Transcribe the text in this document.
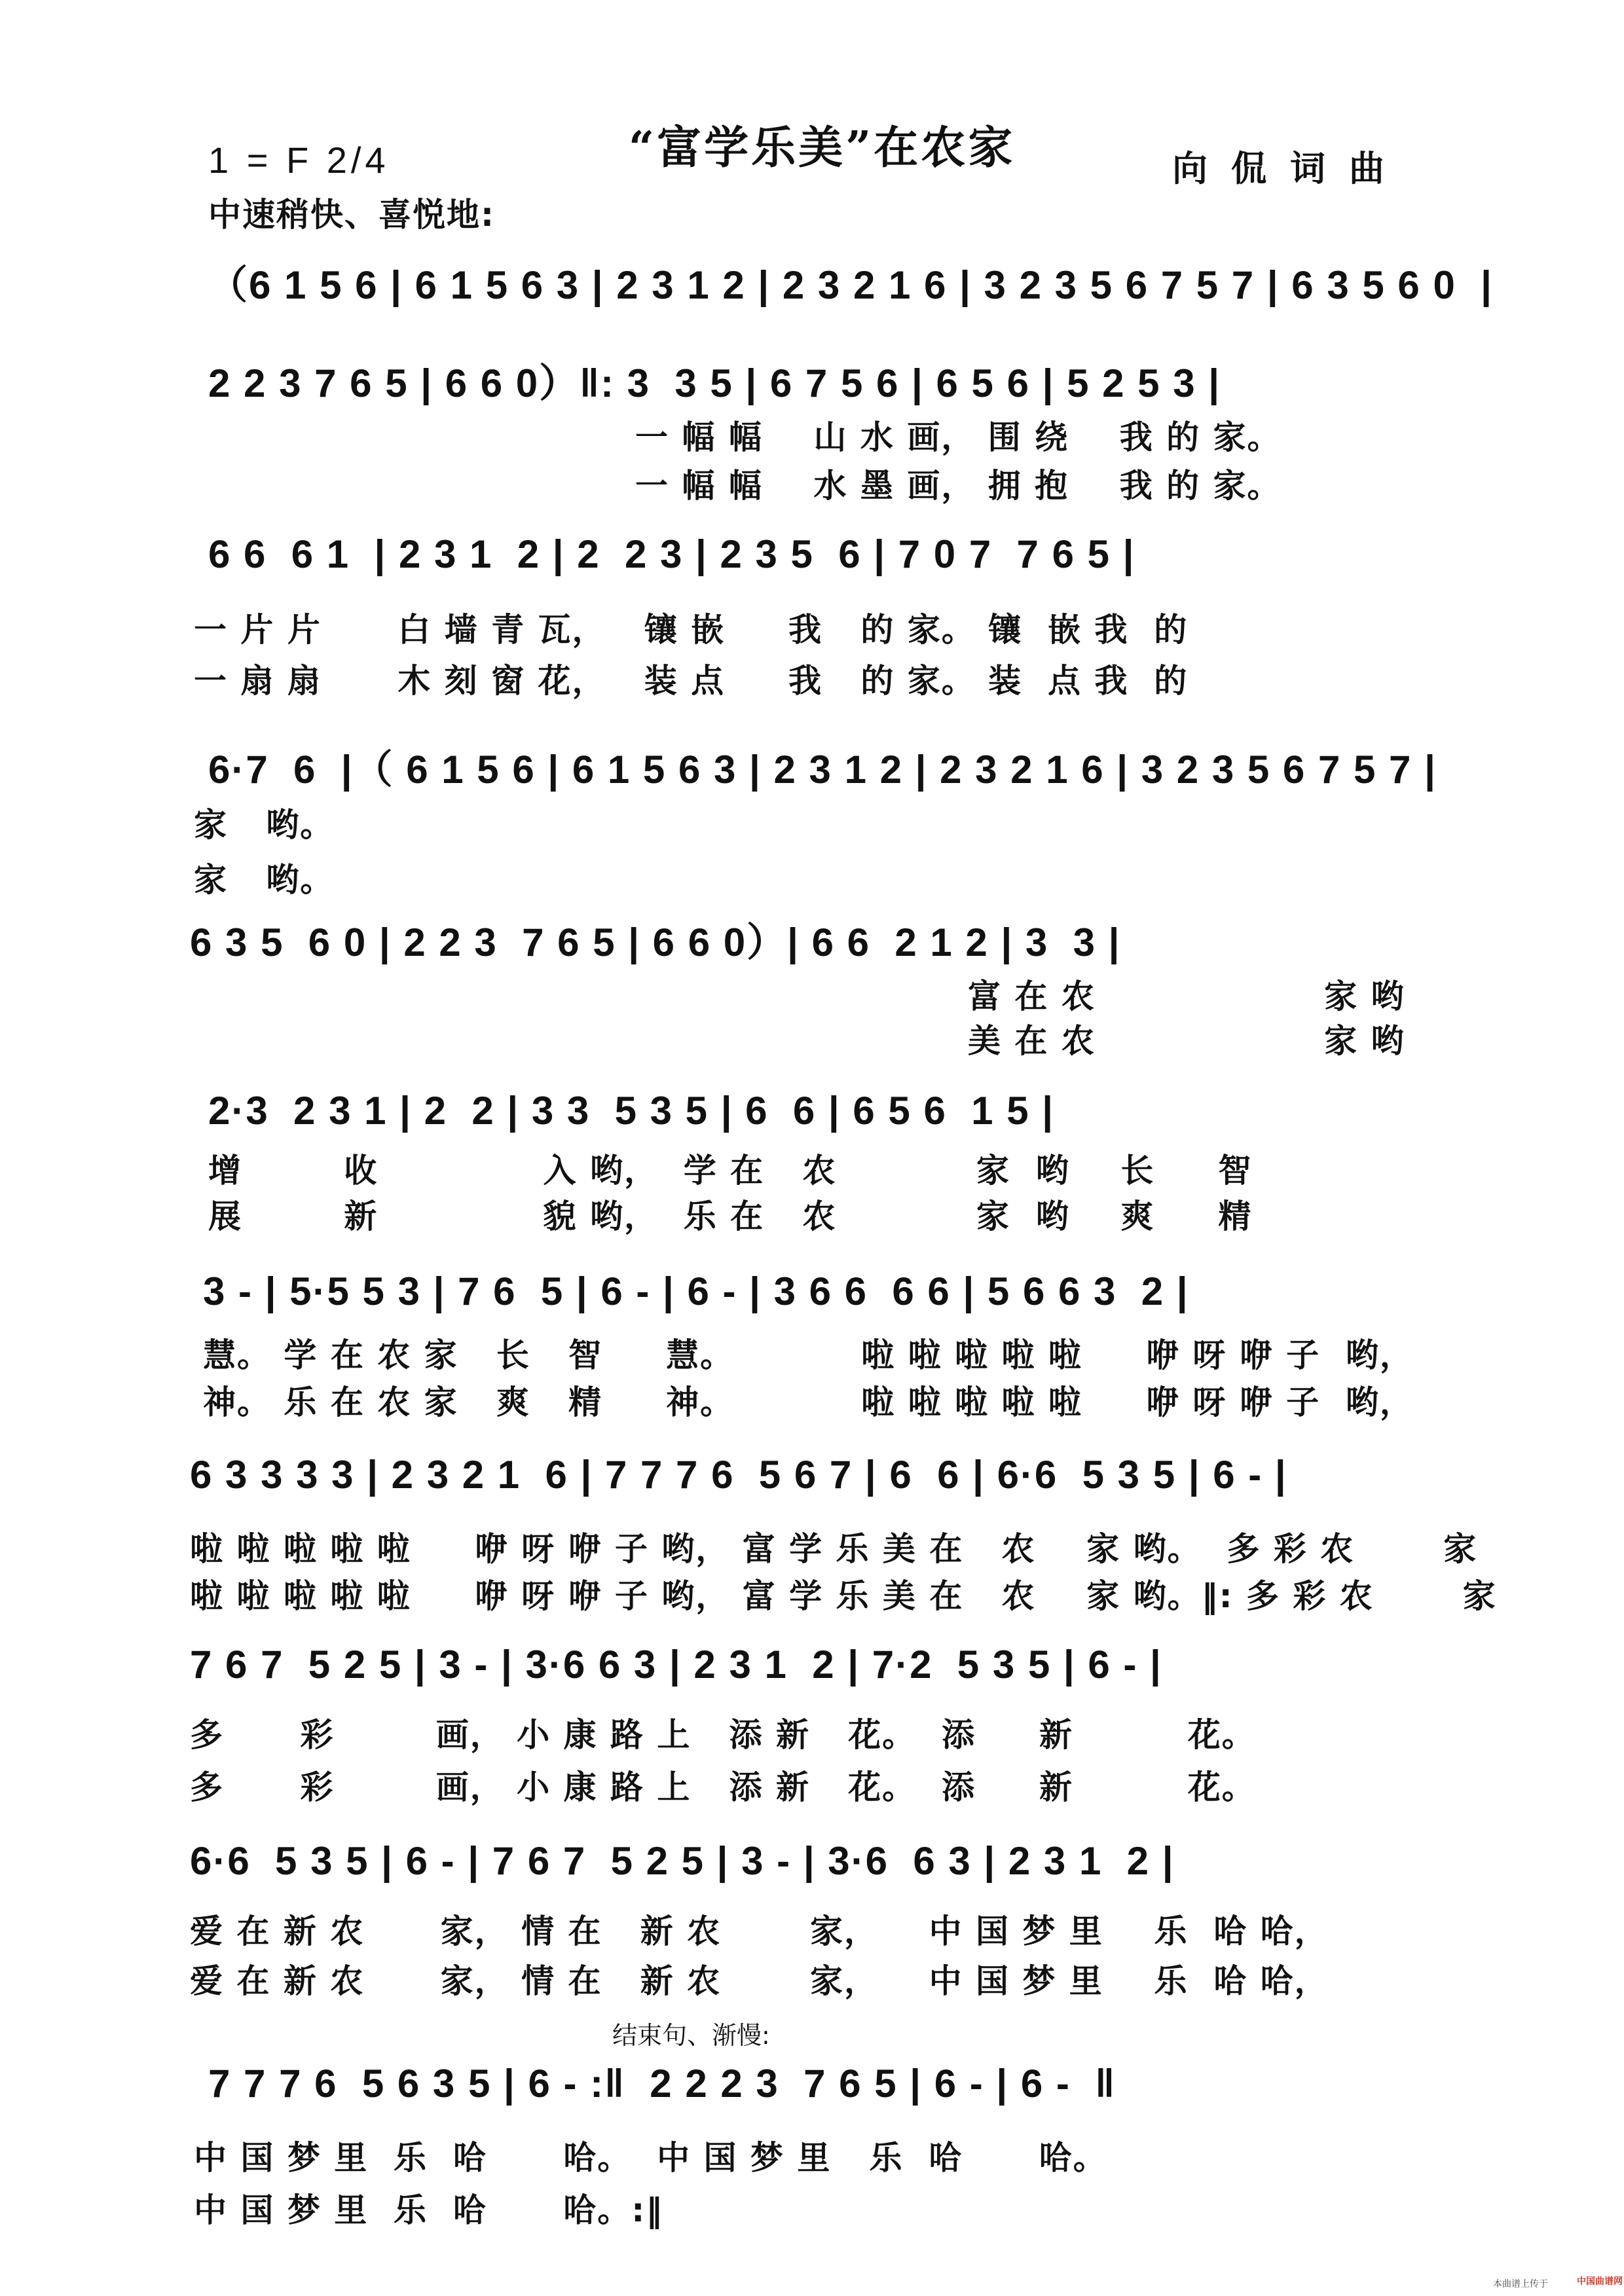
1 = F 2/4	“富学乐美”在农家	向侃词曲
中速稍快、喜悦地:
（6 1 5 6 | 6 1 5 6 3 | 2 3 1 2 | 2 3 2 1 6 | 3 2 3 5 6 7 5 7 | 6 3 5 6 0  |
2 2 3 7 6 5 | 6 6 0）‖: 3  3 5 | 6 7 5 6 | 6 5 6 | 5 2 5 3 |
一 幅 幅    山 水 画， 围 绕    我 的 家。
一 幅 幅    水 墨 画， 拥 抱    我 的 家。
6 6  6 1  | 2 3 1  2 | 2  2 3 | 2 3 5  6 | 7 0 7  7 6 5 |
一 片 片      白 墙 青 瓦，   镶 嵌     我   的 家。 镶  嵌 我  的
一 扇 扇      木 刻 窗 花，   装 点     我   的 家。 装  点 我  的
6·7  6  |（ 6 1 5 6 | 6 1 5 6 3 | 2 3 1 2 | 2 3 2 1 6 | 3 2 3 5 6 7 5 7 |
家   哟。
家   哟。
6 3 5  6 0 | 2 2 3  7 6 5 | 6 6 0）| 6 6  2 1 2 | 3  3 |
富 在 农                  家 哟
美 在 农                  家 哟
2·3  2 3 1 | 2  2 | 3 3  5 3 5 | 6  6 | 6 5 6  1 5 |
增        收             入 哟，  学 在   农           家  哟    长     智
展        新             貌 哟，  乐 在   农           家  哟    爽     精
3 - | 5·5 5 3 | 7 6  5 | 6 - | 6 - | 3 6 6  6 6 | 5 6 6 3  2 |
慧。 学 在 农 家   长   智     慧。          啦 啦 啦 啦 啦     咿 呀 咿 子  哟，
神。 乐 在 农 家   爽   精     神。          啦 啦 啦 啦 啦     咿 呀 咿 子  哟，
6 3 3 3 3 | 2 3 2 1  6 | 7 7 7 6  5 6 7 | 6  6 | 6·6  5 3 5 | 6 - |
啦 啦 啦 啦 啦     咿 呀 咿 子 哟， 富 学 乐 美 在   农    家 哟。  多 彩 农       家
啦 啦 啦 啦 啦     咿 呀 咿 子 哟， 富 学 乐 美 在   农    家 哟。‖: 多 彩 农       家
7 6 7  5 2 5 | 3 - | 3·6 6 3 | 2 3 1  2 | 7·2  5 3 5 | 6 - |
多      彩        画， 小 康 路 上   添 新   花。  添     新         花。
多      彩        画， 小 康 路 上   添 新   花。  添     新         花。
6·6  5 3 5 | 6 - | 7 6 7  5 2 5 | 3 - | 3·6  6 3 | 2 3 1  2 |
爱 在 新 农      家， 情 在   新 农       家，    中 国 梦 里    乐  哈 哈，
爱 在 新 农      家， 情 在   新 农       家，    中 国 梦 里    乐  哈 哈，
结束句、渐慢:
7 7 7 6  5 6 3 5 | 6 - :‖  2 2 2 3  7 6 5 | 6 - | 6 -  ‖
中 国 梦 里  乐  哈      哈。  中 国 梦 里   乐  哈      哈。
中 国 梦 里  乐  哈      哈。:‖
本曲谱上传于	中国曲谱网
